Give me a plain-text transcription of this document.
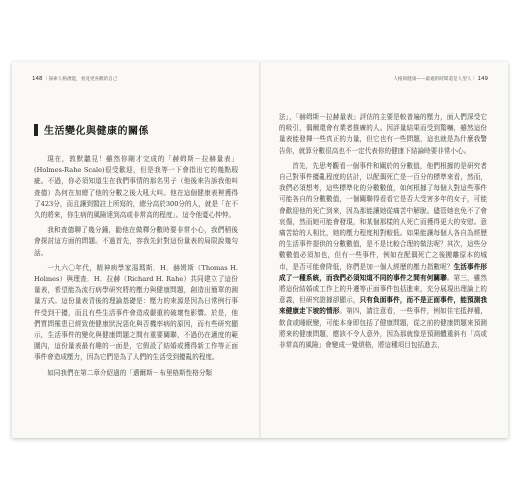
148 ｜探索人格潛能，看見更喜歡的自己
生活變化與健康的關係

現在，敦默聽見！雖然你剛才完成的「赫姆斯－拉赫量表」(Holmes-Rahe Scale)很受歡迎，但是我等一下會指出它的幾點瑕疵。不過，你必須知道生在我們事情的那名男子（他後來告訴我他叫查德）為何在加總了他的分數之後大吼大叫。他在這個健康表裡獲得了423分，而且讓到醫註上所寫的，總分高於300分的人，就是「在不久的將來，你生病的風險達到高或非常高的程度」。這令他憂心忡忡。

我和查德聊了幾分鐘，勸他在做釋分數時要非常小心，我們稍後會探討這方面的問題。不過首先，容我先針對這份量表的局限說幾句話。

一九六〇年代，精神病學家湯瑪斯．H．赫姆斯（Thomas H. Holmes）與理查．H．拉赫（Richard H. Rahe）共同建立了這份量表，希望能為流行病學研究將的壓力與健康問題，創造出簡單的測量方式。這份量表背後的理論基礎是：壓力的來源是因為日常例行事件受到干擾，而且有些生活事件會造成嚴重的破壞性影響。於是，他們質問罹患已經致使健康狀況惡化與否機率病的原因，而有些研究顯示，生活事件的變化與健康問題之間有重要關聯，不過仍在適度的範圍內，這份量表最有趣的一面是，它假設了結婚或獲得新工作等正面事件會造成壓力，因為它們是為了人們的生活受到擾亂的程度。

如同我們在第二章介紹過的「邁爾斯－布里格斯性格分類

人格與健康——最適的時間還是人型人｜ 149

法」，「赫姆斯－拉赫量表」評估的主要是較普遍的壓力，面人們深受它的吸引，偶爾還會有業者推廣的人。因評量結果而受到驚嚇，雖然這份量表能發揮一些真正的力量，但它也有一些問題，這也就是為什麼我警告你，就算分數很高也不一定代表你的健康下結論時要非常小心。

首先，先思考觀看一個事件和關於的分數值，他們根據的是研究者自己對事件擾亂程度的估計，以配偶死亡是一百分的標準來看，然而，我們必須想考，這些標準化的分數數值，如何根據了每個人對這些事件可能各自的分數數值，一個關聯得看看它是否大受害多年的女子，可能會歡迎他的死亡到來，因為那能讓她從痛苦中解脫。儘管她也免不了會哀傷，然而她可能會發現，和某個那樣的人死亡而獲得更大的安慰。意痛苦給的人相比，她的壓力程度相對較低。如果能讓每個人各自為經歷的生活事件提供的分數數值，是不是比較合理的做法呢？其次，這些分數數值必須加也，但有一些事件，例如在配偶死亡之後搬離原本的城市，是否可能會降低，你們是加一個人經歷的壓力指數呢？生活事件形成了一種系統，而我們必須知道不同的事件之間有何關聯。第三，雖然將這份結婚或工作上的升遷等正面事件包括進來，充分展現出理論上的意義，但研究證據卻顯示，只有負面事件，而不是正面事件，能預測我來健康走下坡的情形。第四，請注意看，一些事件，例如住宅抵押權，飲食或睡眠變，可能本身即包括了健康問題，從之前的健康問題來預測將來的健康問題，應該不令人意外，因為那就像是預測體重斜有「高或非常高的風險」會變成一覺煩格，將這種項目包括進去，
